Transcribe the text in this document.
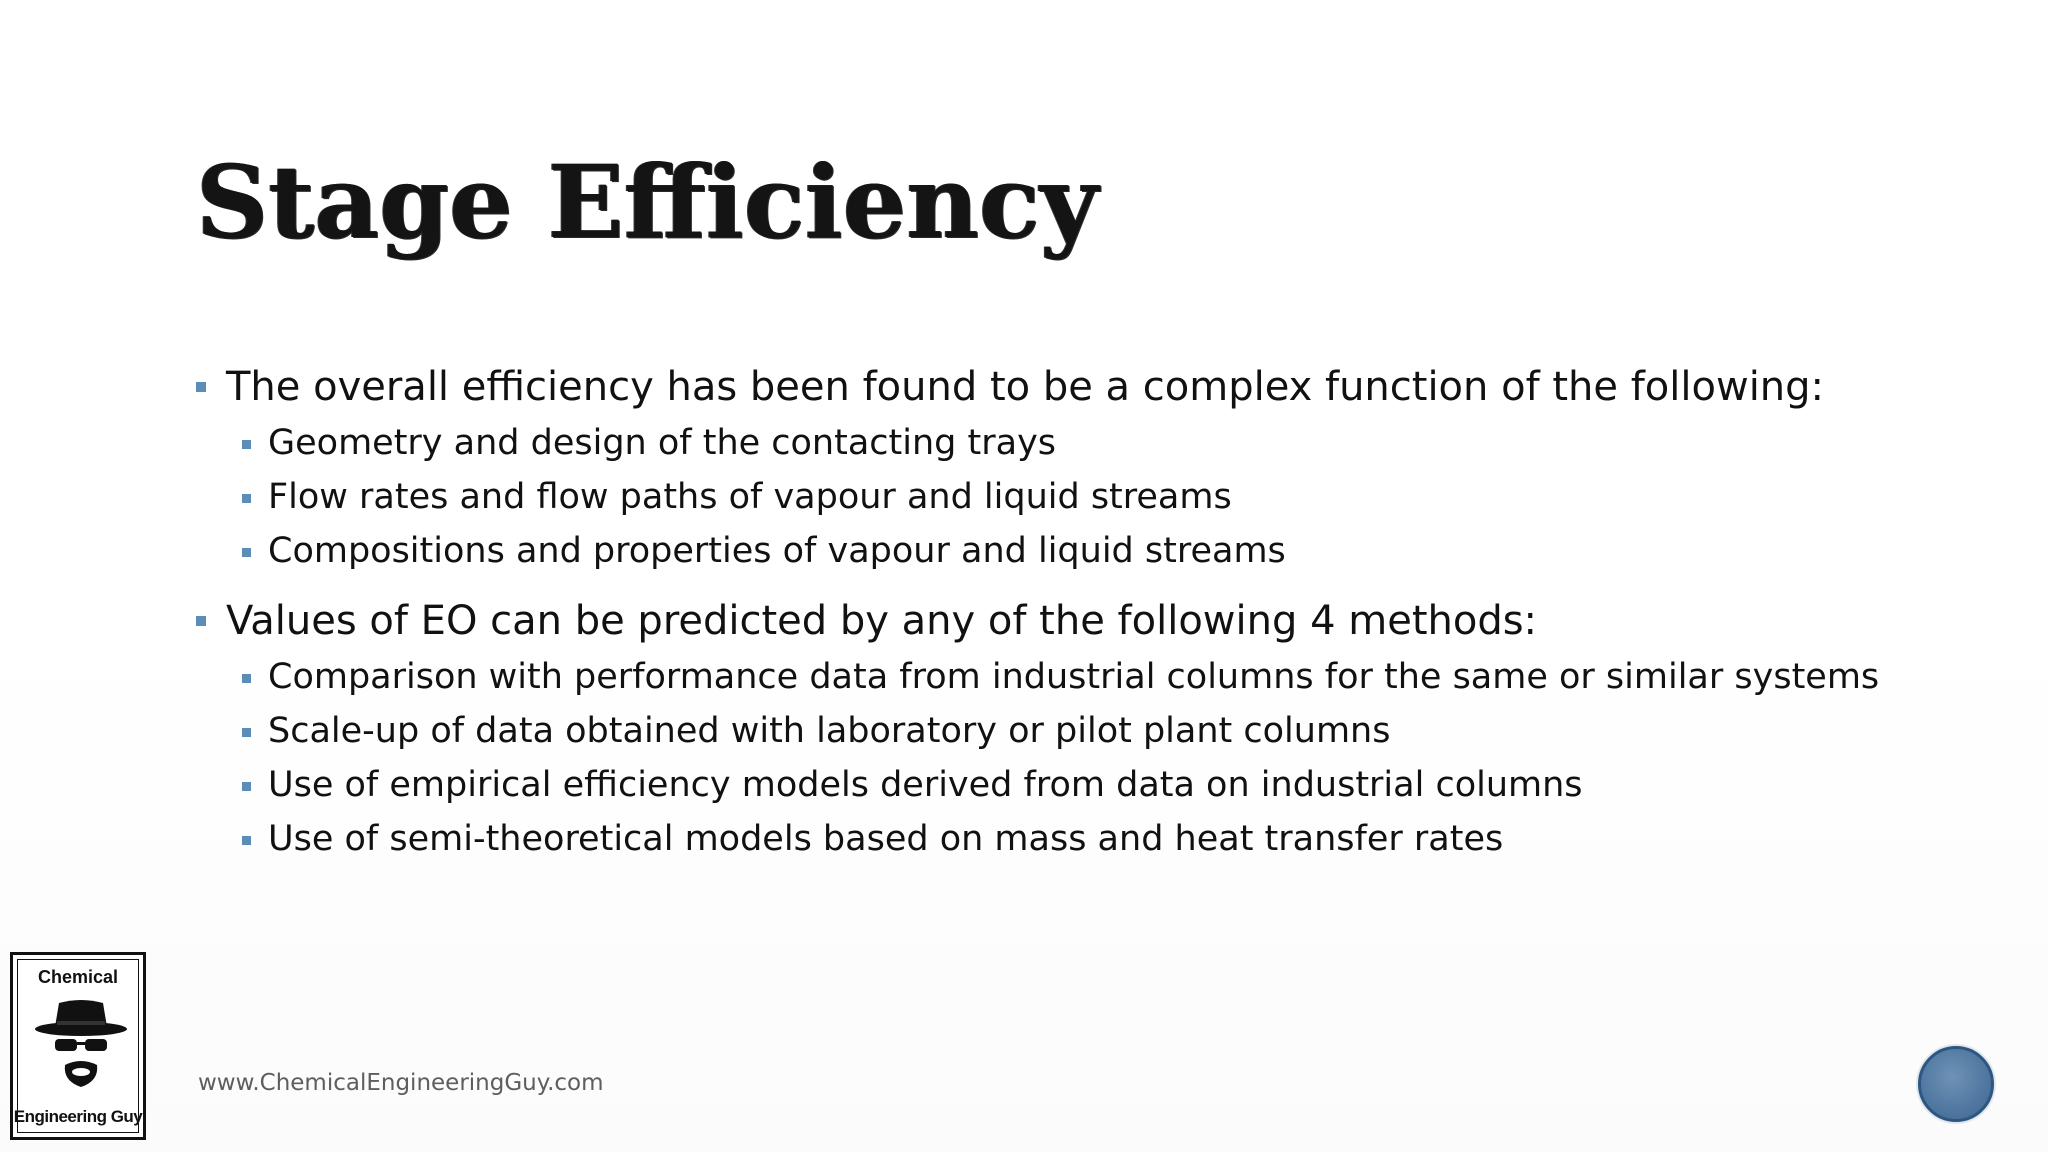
Stage Efficiency
The overall efficiency has been found to be a complex function of the following:
Geometry and design of the contacting trays
Flow rates and flow paths of vapour and liquid streams
Compositions and properties of vapour and liquid streams
Values of EO can be predicted by any of the following 4 methods:
Comparison with performance data from industrial columns for the same or similar systems
Scale-up of data obtained with laboratory or pilot plant columns
Use of empirical efficiency models derived from data on industrial columns
Use of semi-theoretical models based on mass and heat transfer rates
Chemical
Engineering Guy
www.ChemicalEngineeringGuy.com
